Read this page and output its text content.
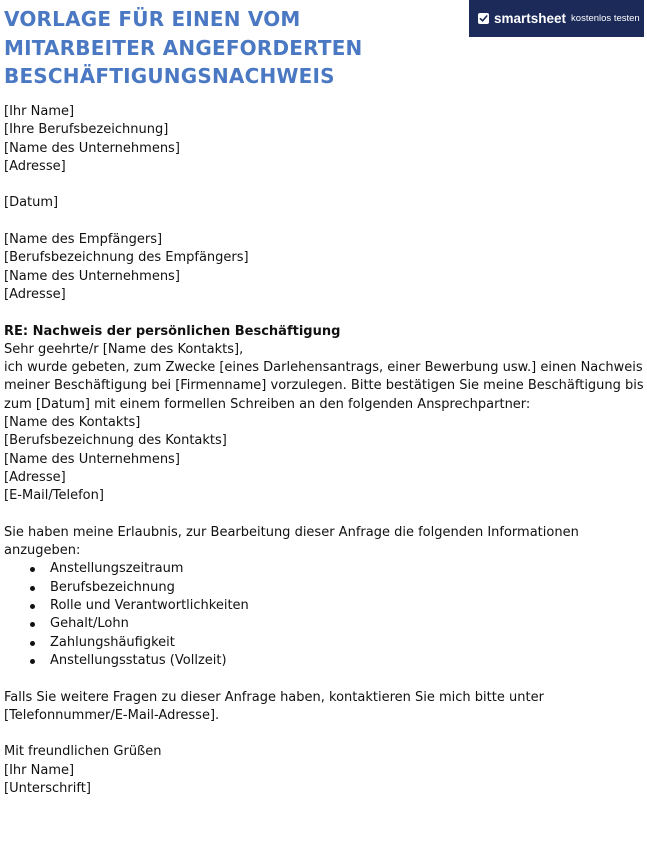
VORLAGE FÜR EINEN VOM
MITARBEITER ANGEFORDERTEN
BESCHÄFTIGUNGSNACHWEIS
smartsheet kostenlos testen
[Ihr Name]
[Ihre Berufsbezeichnung]
[Name des Unternehmens]
[Adresse]
[Datum]
[Name des Empfängers]
[Berufsbezeichnung des Empfängers]
[Name des Unternehmens]
[Adresse]

RE: Nachweis der persönlichen Beschäftigung

Sehr geehrte/r [Name des Kontakts],

ich wurde gebeten, zum Zwecke [eines Darlehensantrags, einer Bewerbung usw.] einen Nachweis meiner Beschäftigung bei [Firmenname] vorzulegen. Bitte bestätigen Sie meine Beschäftigung bis zum [Datum] mit einem formellen Schreiben an den folgenden Ansprechpartner:

[Name des Kontakts]
[Berufsbezeichnung des Kontakts]
[Name des Unternehmens]
[Adresse]
[E-Mail/Telefon]

Sie haben meine Erlaubnis, zur Bearbeitung dieser Anfrage die folgenden Informationen anzugeben:

Anstellungszeitraum
Berufsbezeichnung
Rolle und Verantwortlichkeiten
Gehalt/Lohn
Zahlungshäufigkeit
Anstellungsstatus (Vollzeit)
Falls Sie weitere Fragen zu dieser Anfrage haben, kontaktieren Sie mich bitte unter
[Telefonnummer/E-Mail-Adresse].
Mit freundlichen Grüßen
[Ihr Name]
[Unterschrift]
